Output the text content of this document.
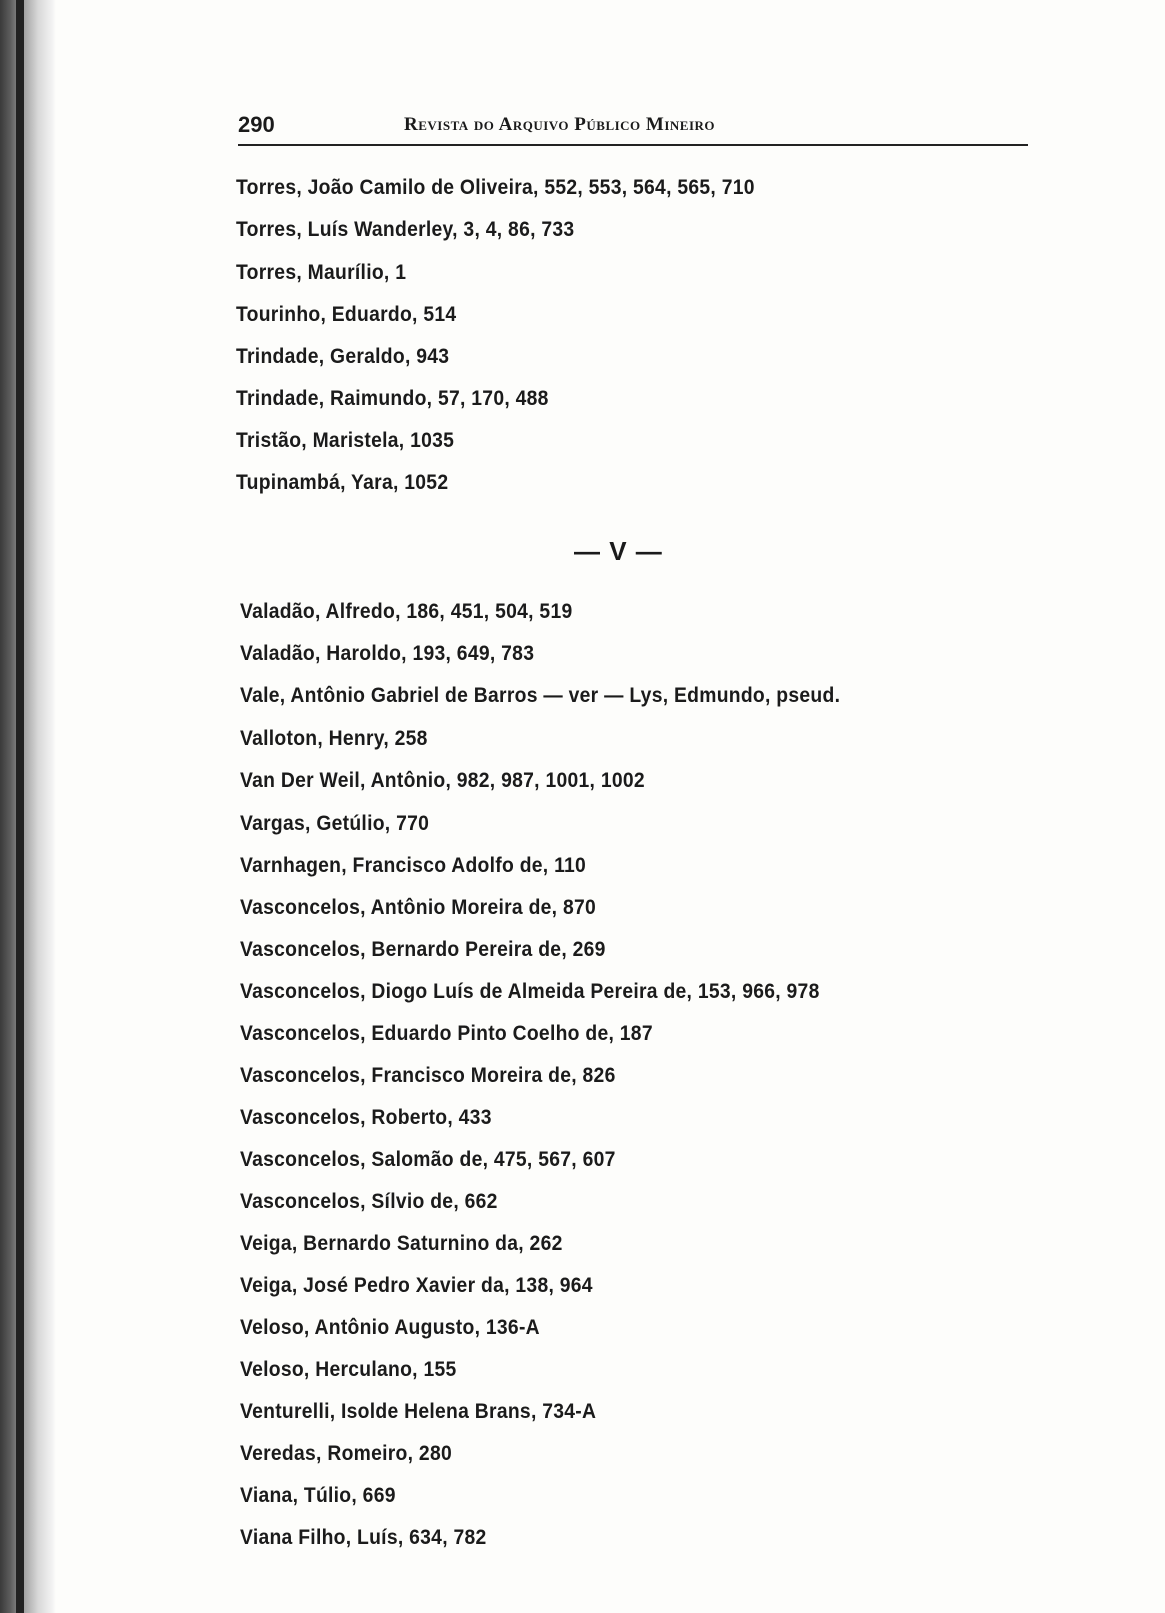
290	Revista do Arquivo Público Mineiro
Torres, João Camilo de Oliveira, 552, 553, 564, 565, 710
Torres, Luís Wanderley, 3, 4, 86, 733
Torres, Maurílio, 1
Tourinho, Eduardo, 514
Trindade, Geraldo, 943
Trindade, Raimundo, 57, 170, 488
Tristão, Maristela, 1035
Tupinambá, Yara, 1052
— V —
Valadão, Alfredo, 186, 451, 504, 519
Valadão, Haroldo, 193, 649, 783
Vale, Antônio Gabriel de Barros — ver — Lys, Edmundo, pseud.
Valloton, Henry, 258
Van Der Weil, Antônio, 982, 987, 1001, 1002
Vargas, Getúlio, 770
Varnhagen, Francisco Adolfo de, 110
Vasconcelos, Antônio Moreira de, 870
Vasconcelos, Bernardo Pereira de, 269
Vasconcelos, Diogo Luís de Almeida Pereira de, 153, 966, 978
Vasconcelos, Eduardo Pinto Coelho de, 187
Vasconcelos, Francisco Moreira de, 826
Vasconcelos, Roberto, 433
Vasconcelos, Salomão de, 475, 567, 607
Vasconcelos, Sílvio de, 662
Veiga, Bernardo Saturnino da, 262
Veiga, José Pedro Xavier da, 138, 964
Veloso, Antônio Augusto, 136-A
Veloso, Herculano, 155
Venturelli, Isolde Helena Brans, 734-A
Veredas, Romeiro, 280
Viana, Túlio, 669
Viana Filho, Luís, 634, 782
